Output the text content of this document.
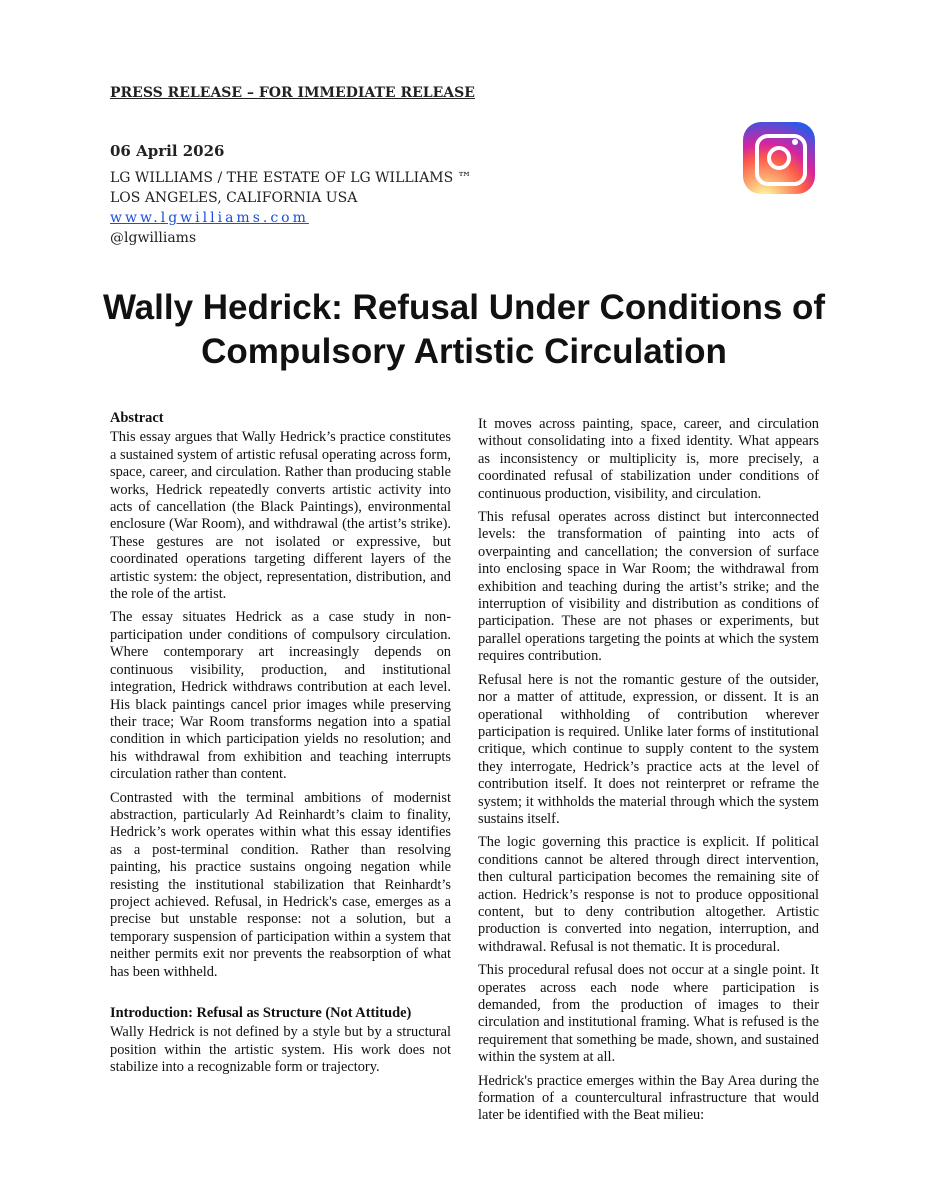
PRESS RELEASE – FOR IMMEDIATE RELEASE
06 April 2026
LG WILLIAMS / THE ESTATE OF LG WILLIAMS ™
LOS ANGELES, CALIFORNIA USA
www.lgwilliams.com
@lgwilliams
Wally Hedrick: Refusal Under Conditions of Compulsory Artistic Circulation
Abstract

This essay argues that Wally Hedrick’s practice constitutes a sustained system of artistic refusal operating across form, space, career, and circulation. Rather than producing stable works, Hedrick repeatedly converts artistic activity into acts of cancellation (the Black Paintings), environmental enclosure (War Room), and withdrawal (the artist’s strike). These gestures are not isolated or expressive, but coordinated operations targeting different layers of the artistic system: the object, representation, distribution, and the role of the artist.

The essay situates Hedrick as a case study in non-participation under conditions of compulsory circulation. Where contemporary art increasingly depends on continuous visibility, production, and institutional integration, Hedrick withdraws contribution at each level. His black paintings cancel prior images while preserving their trace; War Room transforms negation into a spatial condition in which participation yields no resolution; and his withdrawal from exhibition and teaching interrupts circulation rather than content.

Contrasted with the terminal ambitions of modernist abstraction, particularly Ad Reinhardt’s claim to finality, Hedrick’s work operates within what this essay identifies as a post-terminal condition. Rather than resolving painting, his practice sustains ongoing negation while resisting the institutional stabilization that Reinhardt’s project achieved. Refusal, in Hedrick's case, emerges as a precise but unstable response: not a solution, but a temporary suspension of participation within a system that neither permits exit nor prevents the reabsorption of what has been withheld.

Introduction: Refusal as Structure (Not Attitude)

Wally Hedrick is not defined by a style but by a structural position within the artistic system. His work does not stabilize into a recognizable form or trajectory.

It moves across painting, space, career, and circulation without consolidating into a fixed identity. What appears as inconsistency or multiplicity is, more precisely, a coordinated refusal of stabilization under conditions of continuous production, visibility, and circulation.

This refusal operates across distinct but interconnected levels: the transformation of painting into acts of overpainting and cancellation; the conversion of surface into enclosing space in War Room; the withdrawal from exhibition and teaching during the artist’s strike; and the interruption of visibility and distribution as conditions of participation. These are not phases or experiments, but parallel operations targeting the points at which the system requires contribution.

Refusal here is not the romantic gesture of the outsider, nor a matter of attitude, expression, or dissent. It is an operational withholding of contribution wherever participation is required. Unlike later forms of institutional critique, which continue to supply content to the system they interrogate, Hedrick’s practice acts at the level of contribution itself. It does not reinterpret or reframe the system; it withholds the material through which the system sustains itself.

The logic governing this practice is explicit. If political conditions cannot be altered through direct intervention, then cultural participation becomes the remaining site of action. Hedrick’s response is not to produce oppositional content, but to deny contribution altogether. Artistic production is converted into negation, interruption, and withdrawal. Refusal is not thematic. It is procedural.

This procedural refusal does not occur at a single point. It operates across each node where participation is demanded, from the production of images to their circulation and institutional framing. What is refused is the requirement that something be made, shown, and sustained within the system at all.

Hedrick's practice emerges within the Bay Area during the formation of a countercultural infrastructure that would later be identified with the Beat milieu:
